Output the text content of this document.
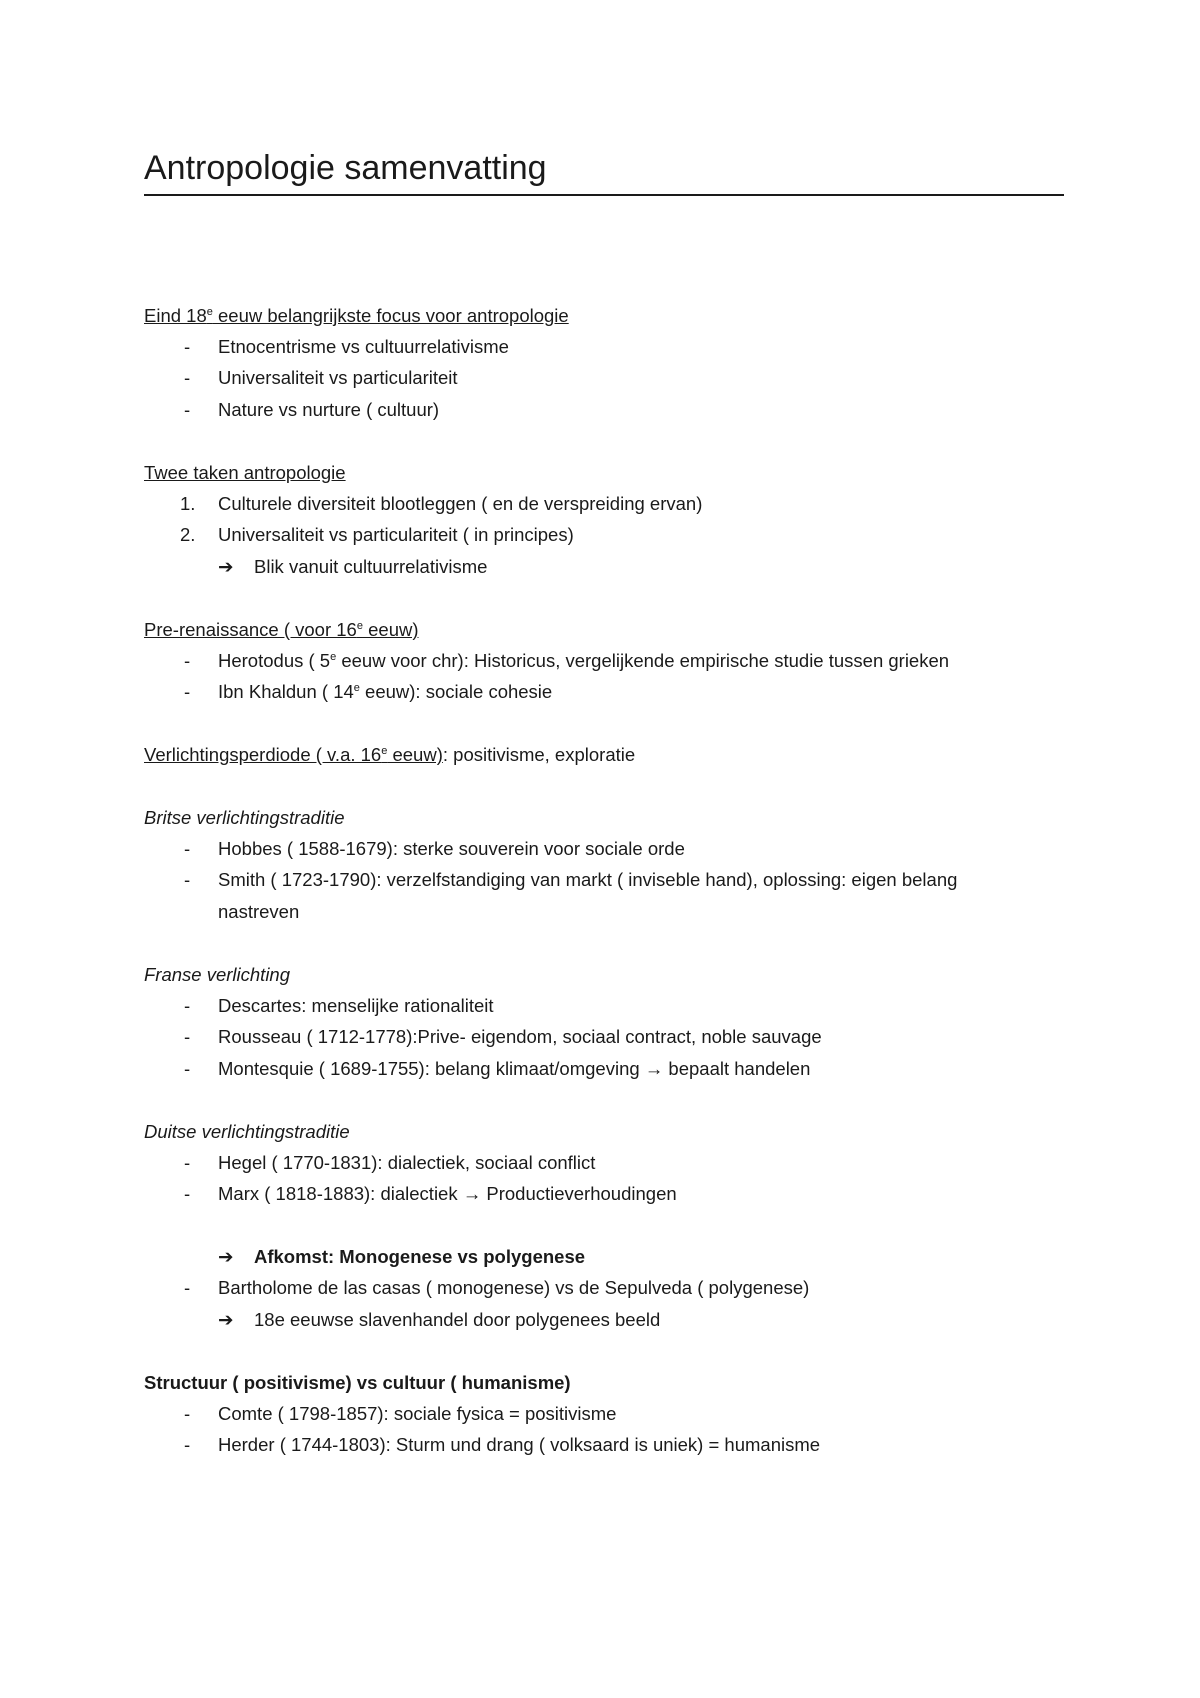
Antropologie samenvatting
Eind 18e eeuw belangrijkste focus voor antropologie
- Etnocentrisme vs cultuurrelativisme
- Universaliteit vs particulariteit
- Nature vs nurture ( cultuur)
Twee taken antropologie
1. Culturele diversiteit blootleggen ( en de verspreiding ervan)
2. Universaliteit vs particulariteit ( in principes)
➔ Blik vanuit cultuurrelativisme
Pre-renaissance ( voor 16e eeuw)
- Herotodus ( 5e eeuw voor chr): Historicus, vergelijkende empirische studie tussen grieken
- Ibn Khaldun ( 14e eeuw): sociale cohesie
Verlichtingsperdiode ( v.a. 16e eeuw): positivisme, exploratie
Britse verlichtingstraditie
- Hobbes ( 1588-1679): sterke souverein voor sociale orde
- Smith ( 1723-1790): verzelfstandiging van markt ( inviseble hand), oplossing: eigen belang
nastreven
Franse verlichting
- Descartes: menselijke rationaliteit
- Rousseau ( 1712-1778):Prive- eigendom, sociaal contract, noble sauvage
- Montesquie ( 1689-1755): belang klimaat/omgeving → bepaalt handelen
Duitse verlichtingstraditie
- Hegel ( 1770-1831): dialectiek, sociaal conflict
- Marx ( 1818-1883): dialectiek → Productieverhoudingen
➔ Afkomst: Monogenese vs polygenese
- Bartholome de las casas ( monogenese) vs de Sepulveda ( polygenese)
➔ 18e eeuwse slavenhandel door polygenees beeld
Structuur ( positivisme) vs cultuur ( humanisme)
- Comte ( 1798-1857): sociale fysica = positivisme
- Herder ( 1744-1803): Sturm und drang ( volksaard is uniek) = humanisme
